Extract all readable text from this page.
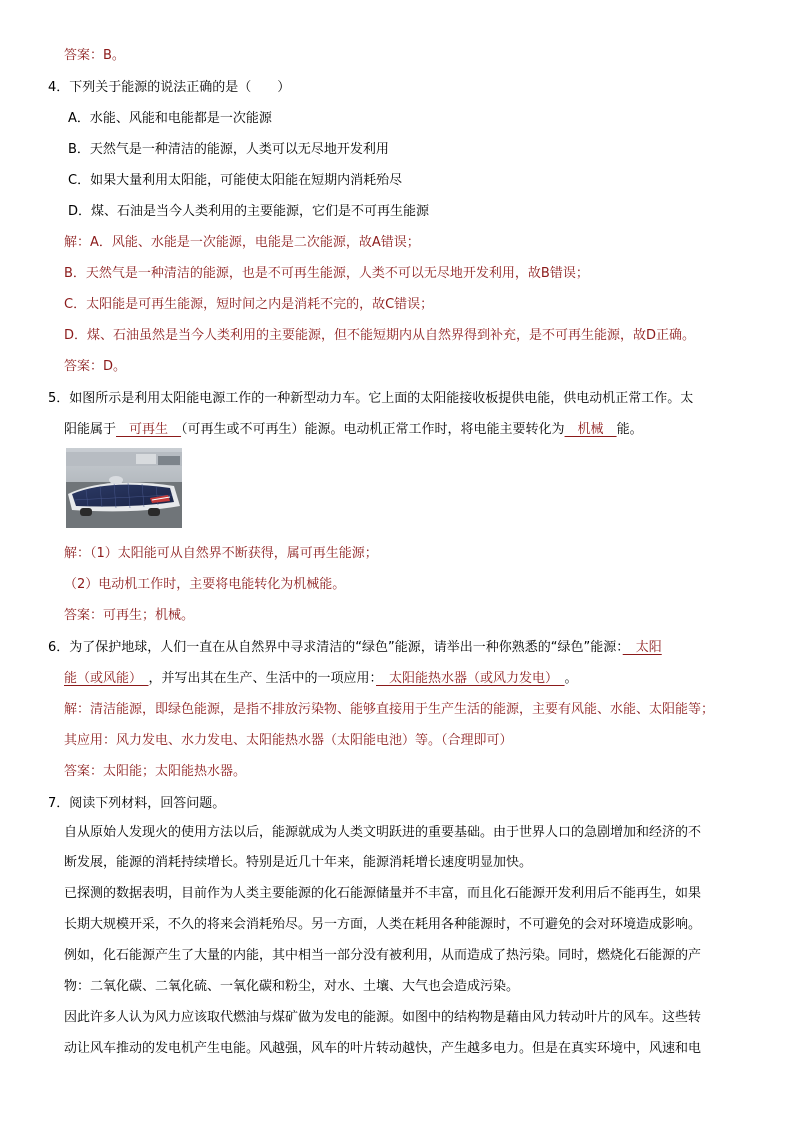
答案：B。
4．下列关于能源的说法正确的是（　　）
A．水能、风能和电能都是一次能源
B．天然气是一种清洁的能源，人类可以无尽地开发利用
C．如果大量利用太阳能，可能使太阳能在短期内消耗殆尽
D．煤、石油是当今人类利用的主要能源，它们是不可再生能源
解：A．风能、水能是一次能源，电能是二次能源，故A错误；
B．天然气是一种清洁的能源，也是不可再生能源，人类不可以无尽地开发利用，故B错误；
C．太阳能是可再生能源，短时间之内是消耗不完的，故C错误；
D．煤、石油虽然是当今人类利用的主要能源，但不能短期内从自然界得到补充，是不可再生能源，故D正确。
答案：D。
5．如图所示是利用太阳能电源工作的一种新型动力车。它上面的太阳能接收板提供电能，供电动机正常工作。太
阳能属于　可再生　（可再生或不可再生）能源。电动机正常工作时，将电能主要转化为　机械　能。
解：（1）太阳能可从自然界不断获得，属可再生能源；
（2）电动机工作时，主要将电能转化为机械能。
答案：可再生；机械。
6．为了保护地球，人们一直在从自然界中寻求清洁的“绿色”能源，请举出一种你熟悉的“绿色”能源：　太阳
能（或风能）　，并写出其在生产、生活中的一项应用：　太阳能热水器（或风力发电）　。
解：清洁能源，即绿色能源，是指不排放污染物、能够直接用于生产生活的能源，主要有风能、水能、太阳能等；
其应用：风力发电、水力发电、太阳能热水器（太阳能电池）等。（合理即可）
答案：太阳能；太阳能热水器。
7．阅读下列材料，回答问题。
自从原始人发现火的使用方法以后，能源就成为人类文明跃进的重要基础。由于世界人口的急剧增加和经济的不
断发展，能源的消耗持续增长。特别是近几十年来，能源消耗增长速度明显加快。
已探测的数据表明，目前作为人类主要能源的化石能源储量并不丰富，而且化石能源开发利用后不能再生，如果
长期大规模开采，不久的将来会消耗殆尽。另一方面，人类在耗用各种能源时，不可避免的会对环境造成影响。
例如，化石能源产生了大量的内能，其中相当一部分没有被利用，从而造成了热污染。同时，燃烧化石能源的产
物：二氧化碳、二氧化硫、一氧化碳和粉尘，对水、土壤、大气也会造成污染。
因此许多人认为风力应该取代燃油与煤矿做为发电的能源。如图中的结构物是藉由风力转动叶片的风车。这些转
动让风车推动的发电机产生电能。风越强，风车的叶片转动越快，产生越多电力。但是在真实环境中，风速和电
